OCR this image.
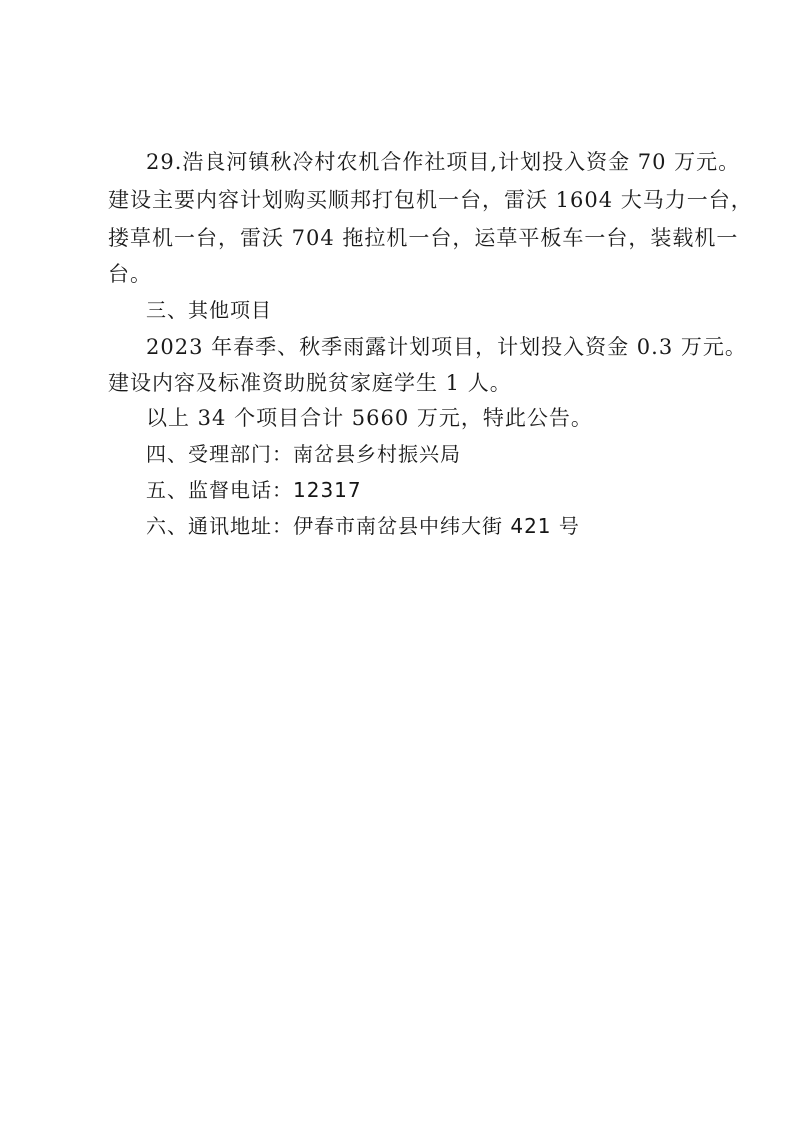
29.浩良河镇秋冷村农机合作社项目,计划投入资金 70 万元。
建设主要内容计划购买顺邦打包机一台，雷沃 1604 大马力一台，
搂草机一台，雷沃 704 拖拉机一台，运草平板车一台，装载机一
台。
三、其他项目
2023 年春季、秋季雨露计划项目，计划投入资金 0.3 万元。
建设内容及标准资助脱贫家庭学生 1 人。
以上 34 个项目合计 5660 万元，特此公告。
四、受理部门：南岔县乡村振兴局
五、监督电话：12317
六、通讯地址：伊春市南岔县中纬大街 421 号
